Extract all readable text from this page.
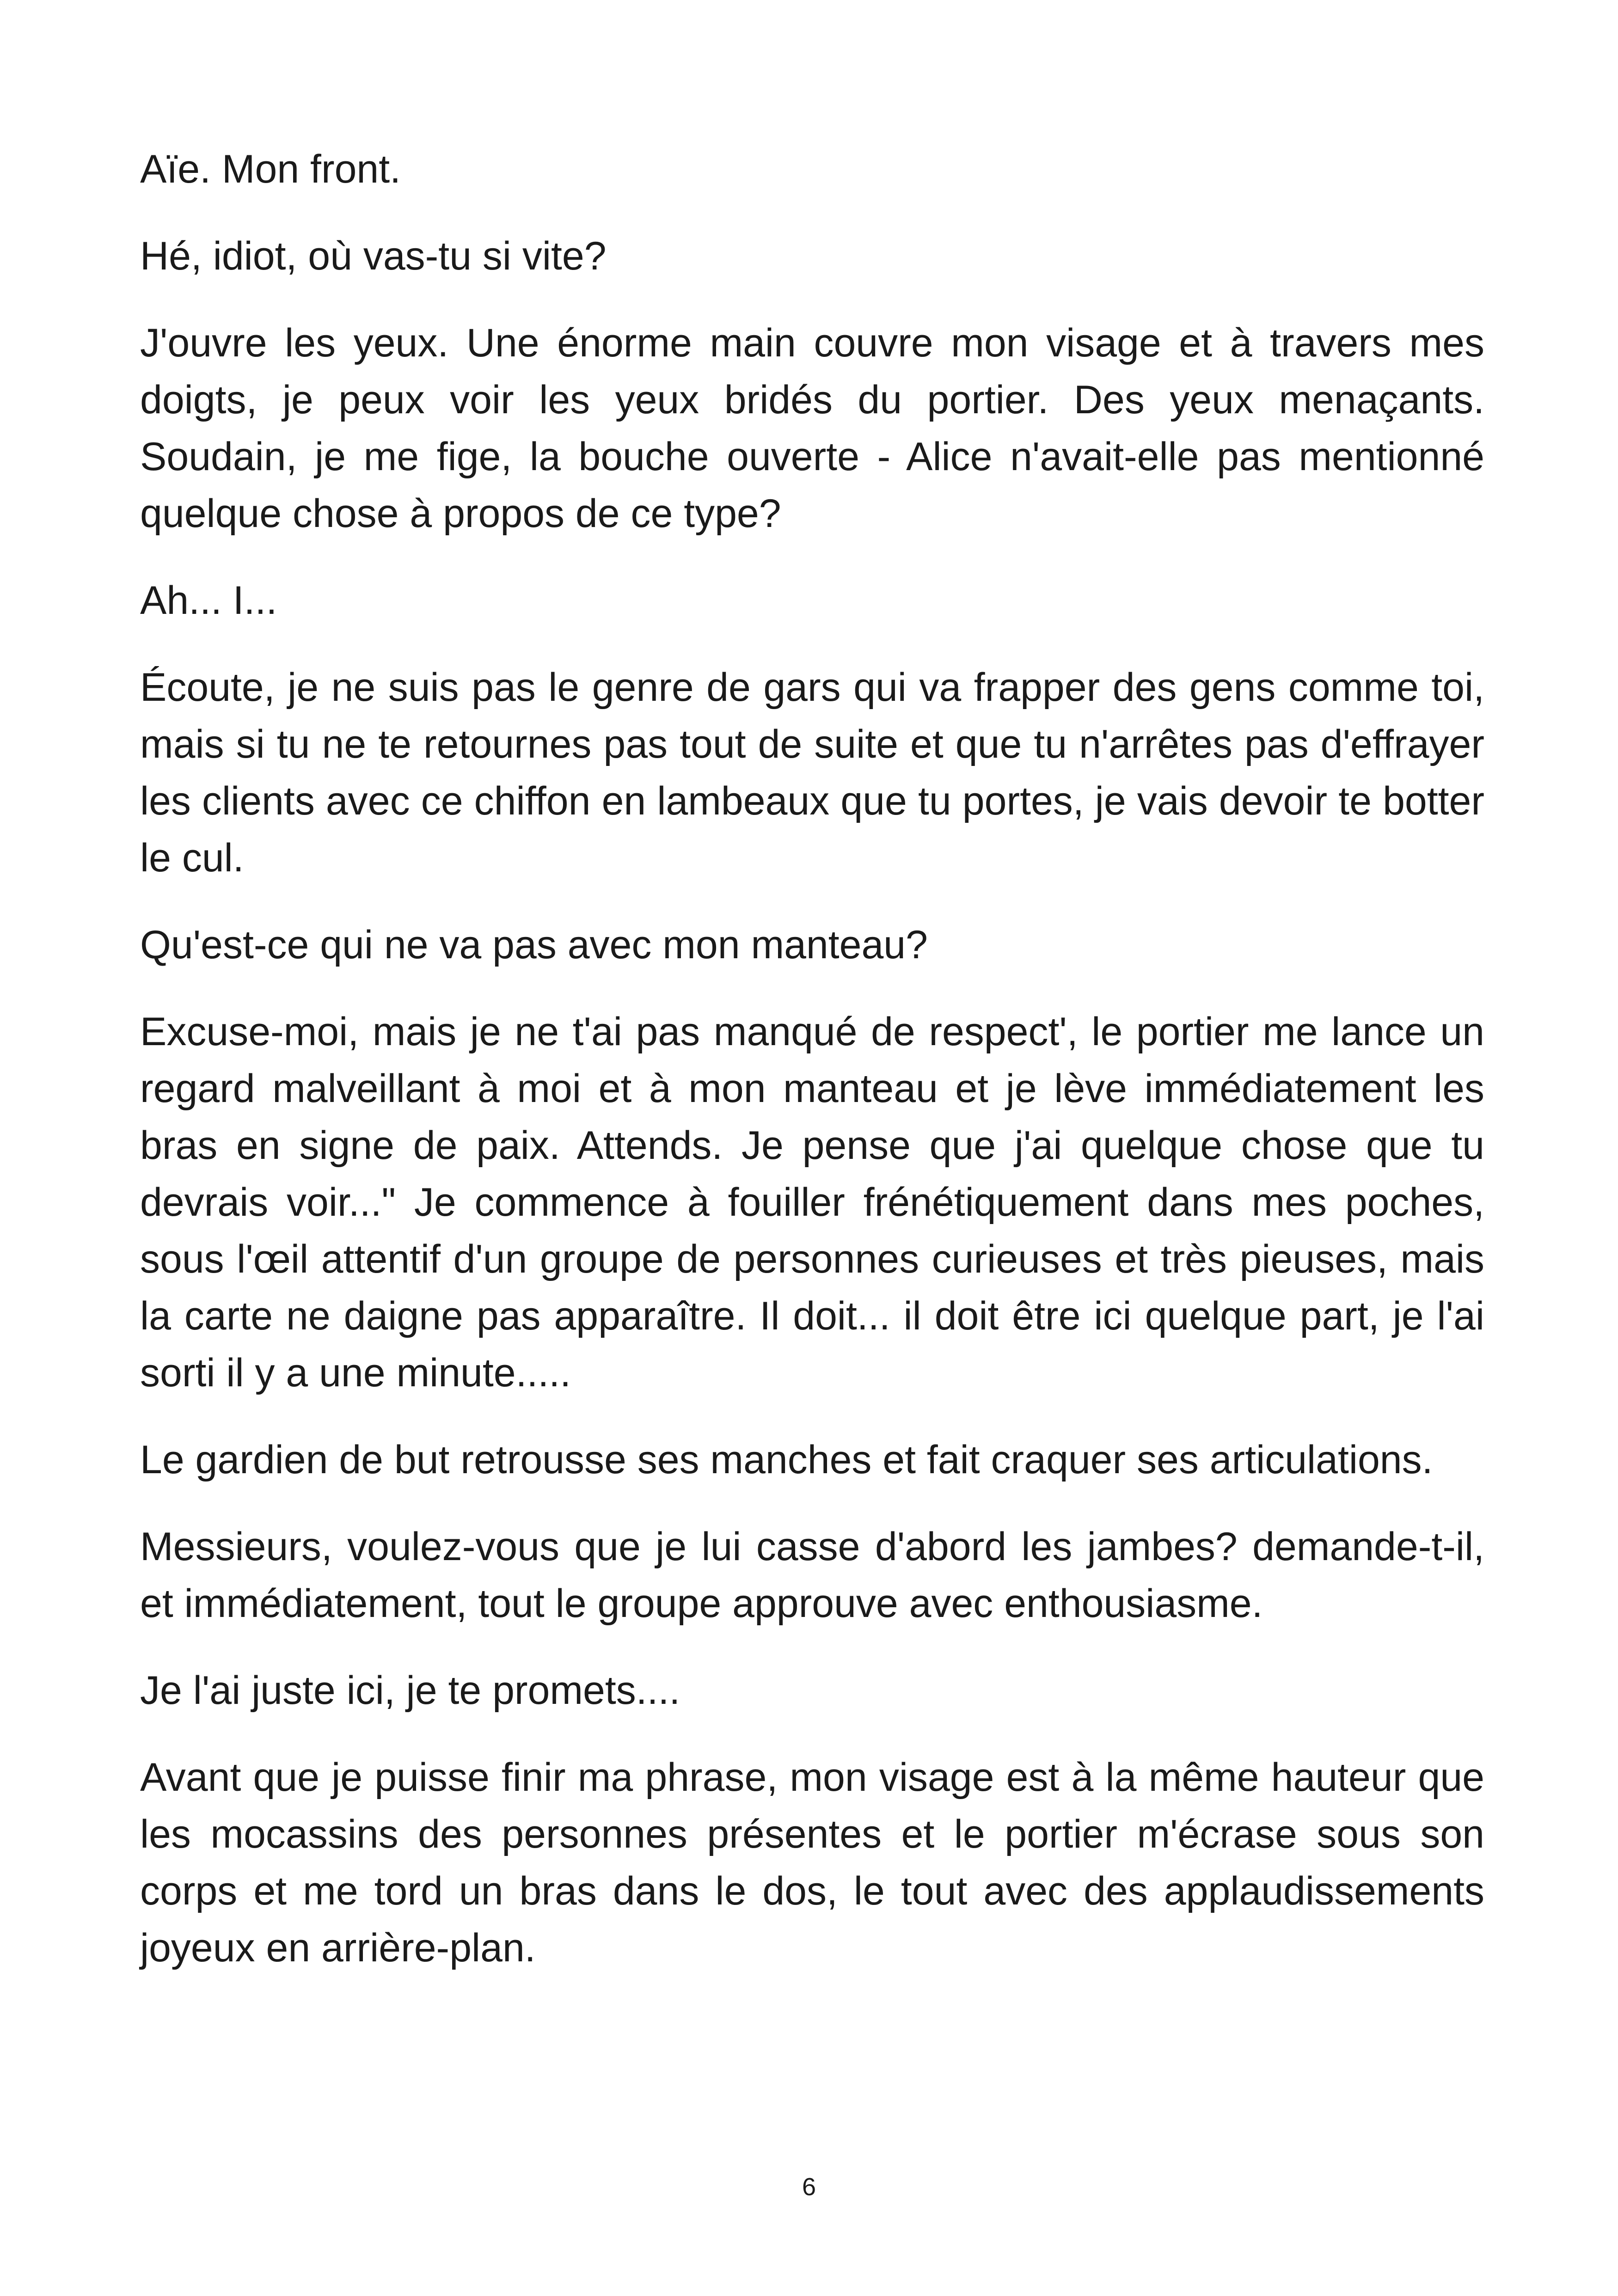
Aïe. Mon front.

Hé, idiot, où vas-tu si vite?

J'ouvre les yeux. Une énorme main couvre mon visage et à travers mes doigts, je peux voir les yeux bridés du portier. Des yeux menaçants. Soudain, je me fige, la bouche ouverte - Alice n'avait-elle pas mentionné quelque chose à propos de ce type?

Ah... I...

Écoute, je ne suis pas le genre de gars qui va frapper des gens comme toi, mais si tu ne te retournes pas tout de suite et que tu n'arrêtes pas d'effrayer les clients avec ce chiffon en lambeaux que tu portes, je vais devoir te botter le cul.

Qu'est-ce qui ne va pas avec mon manteau?

Excuse-moi, mais je ne t'ai pas manqué de respect', le portier me lance un regard malveillant à moi et à mon manteau et je lève immédiatement les bras en signe de paix. Attends. Je pense que j'ai quelque chose que tu devrais voir..." Je commence à fouiller frénétiquement dans mes poches, sous l'œil attentif d'un groupe de personnes curieuses et très pieuses, mais la carte ne daigne pas apparaître. Il doit... il doit être ici quelque part, je l'ai sorti il y a une minute.....

Le gardien de but retrousse ses manches et fait craquer ses articulations.

Messieurs, voulez-vous que je lui casse d'abord les jambes? demande-t-il, et immédiatement, tout le groupe approuve avec enthousiasme.

Je l'ai juste ici, je te promets....

Avant que je puisse finir ma phrase, mon visage est à la même hauteur que les mocassins des personnes présentes et le portier m'écrase sous son corps et me tord un bras dans le dos, le tout avec des applaudissements joyeux en arrière-plan.

6
